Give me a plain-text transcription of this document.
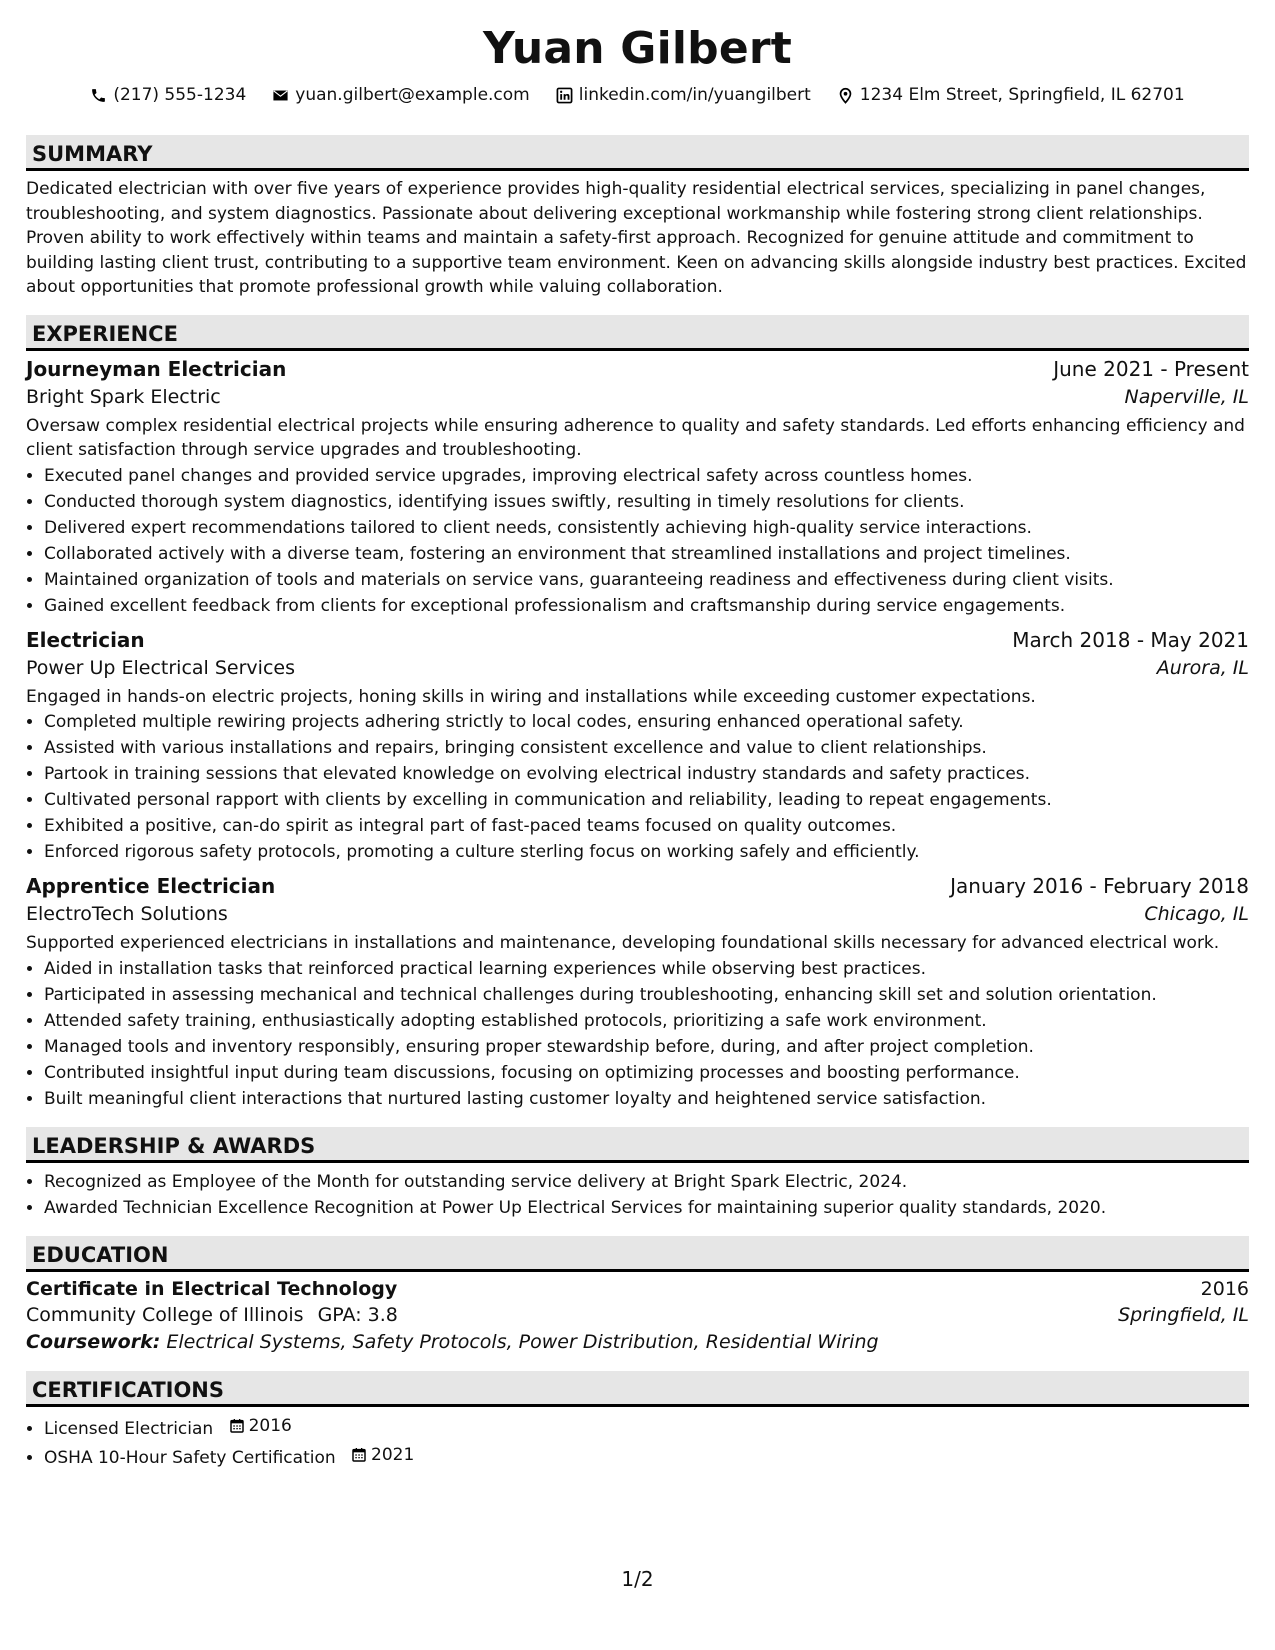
Yuan Gilbert
(217) 555-1234	yuan.gilbert@example.com	linkedin.com/in/yuangilbert	1234 Elm Street, Springfield, IL 62701
SUMMARY
Dedicated electrician with over five years of experience provides high-quality residential electrical services, specializing in panel changes, troubleshooting, and system diagnostics. Passionate about delivering exceptional workmanship while fostering strong client relationships. Proven ability to work effectively within teams and maintain a safety-first approach. Recognized for genuine attitude and commitment to building lasting client trust, contributing to a supportive team environment. Keen on advancing skills alongside industry best practices. Excited about opportunities that promote professional growth while valuing collaboration.
EXPERIENCE
Journeyman Electrician	June 2021 - Present
Bright Spark Electric	Naperville, IL
Oversaw complex residential electrical projects while ensuring adherence to quality and safety standards. Led efforts enhancing efficiency and client satisfaction through service upgrades and troubleshooting.
• Executed panel changes and provided service upgrades, improving electrical safety across countless homes.
• Conducted thorough system diagnostics, identifying issues swiftly, resulting in timely resolutions for clients.
• Delivered expert recommendations tailored to client needs, consistently achieving high-quality service interactions.
• Collaborated actively with a diverse team, fostering an environment that streamlined installations and project timelines.
• Maintained organization of tools and materials on service vans, guaranteeing readiness and effectiveness during client visits.
• Gained excellent feedback from clients for exceptional professionalism and craftsmanship during service engagements.
Electrician	March 2018 - May 2021
Power Up Electrical Services	Aurora, IL
Engaged in hands-on electric projects, honing skills in wiring and installations while exceeding customer expectations.
• Completed multiple rewiring projects adhering strictly to local codes, ensuring enhanced operational safety.
• Assisted with various installations and repairs, bringing consistent excellence and value to client relationships.
• Partook in training sessions that elevated knowledge on evolving electrical industry standards and safety practices.
• Cultivated personal rapport with clients by excelling in communication and reliability, leading to repeat engagements.
• Exhibited a positive, can-do spirit as integral part of fast-paced teams focused on quality outcomes.
• Enforced rigorous safety protocols, promoting a culture sterling focus on working safely and efficiently.
Apprentice Electrician	January 2016 - February 2018
ElectroTech Solutions	Chicago, IL
Supported experienced electricians in installations and maintenance, developing foundational skills necessary for advanced electrical work.
• Aided in installation tasks that reinforced practical learning experiences while observing best practices.
• Participated in assessing mechanical and technical challenges during troubleshooting, enhancing skill set and solution orientation.
• Attended safety training, enthusiastically adopting established protocols, prioritizing a safe work environment.
• Managed tools and inventory responsibly, ensuring proper stewardship before, during, and after project completion.
• Contributed insightful input during team discussions, focusing on optimizing processes and boosting performance.
• Built meaningful client interactions that nurtured lasting customer loyalty and heightened service satisfaction.
LEADERSHIP & AWARDS
• Recognized as Employee of the Month for outstanding service delivery at Bright Spark Electric, 2024.
• Awarded Technician Excellence Recognition at Power Up Electrical Services for maintaining superior quality standards, 2020.
EDUCATION
Certificate in Electrical Technology	2016
Community College of Illinois GPA: 3.8	Springfield, IL
Coursework: Electrical Systems, Safety Protocols, Power Distribution, Residential Wiring
CERTIFICATIONS
• Licensed Electrician 2016
• OSHA 10-Hour Safety Certification 2021
1/2
